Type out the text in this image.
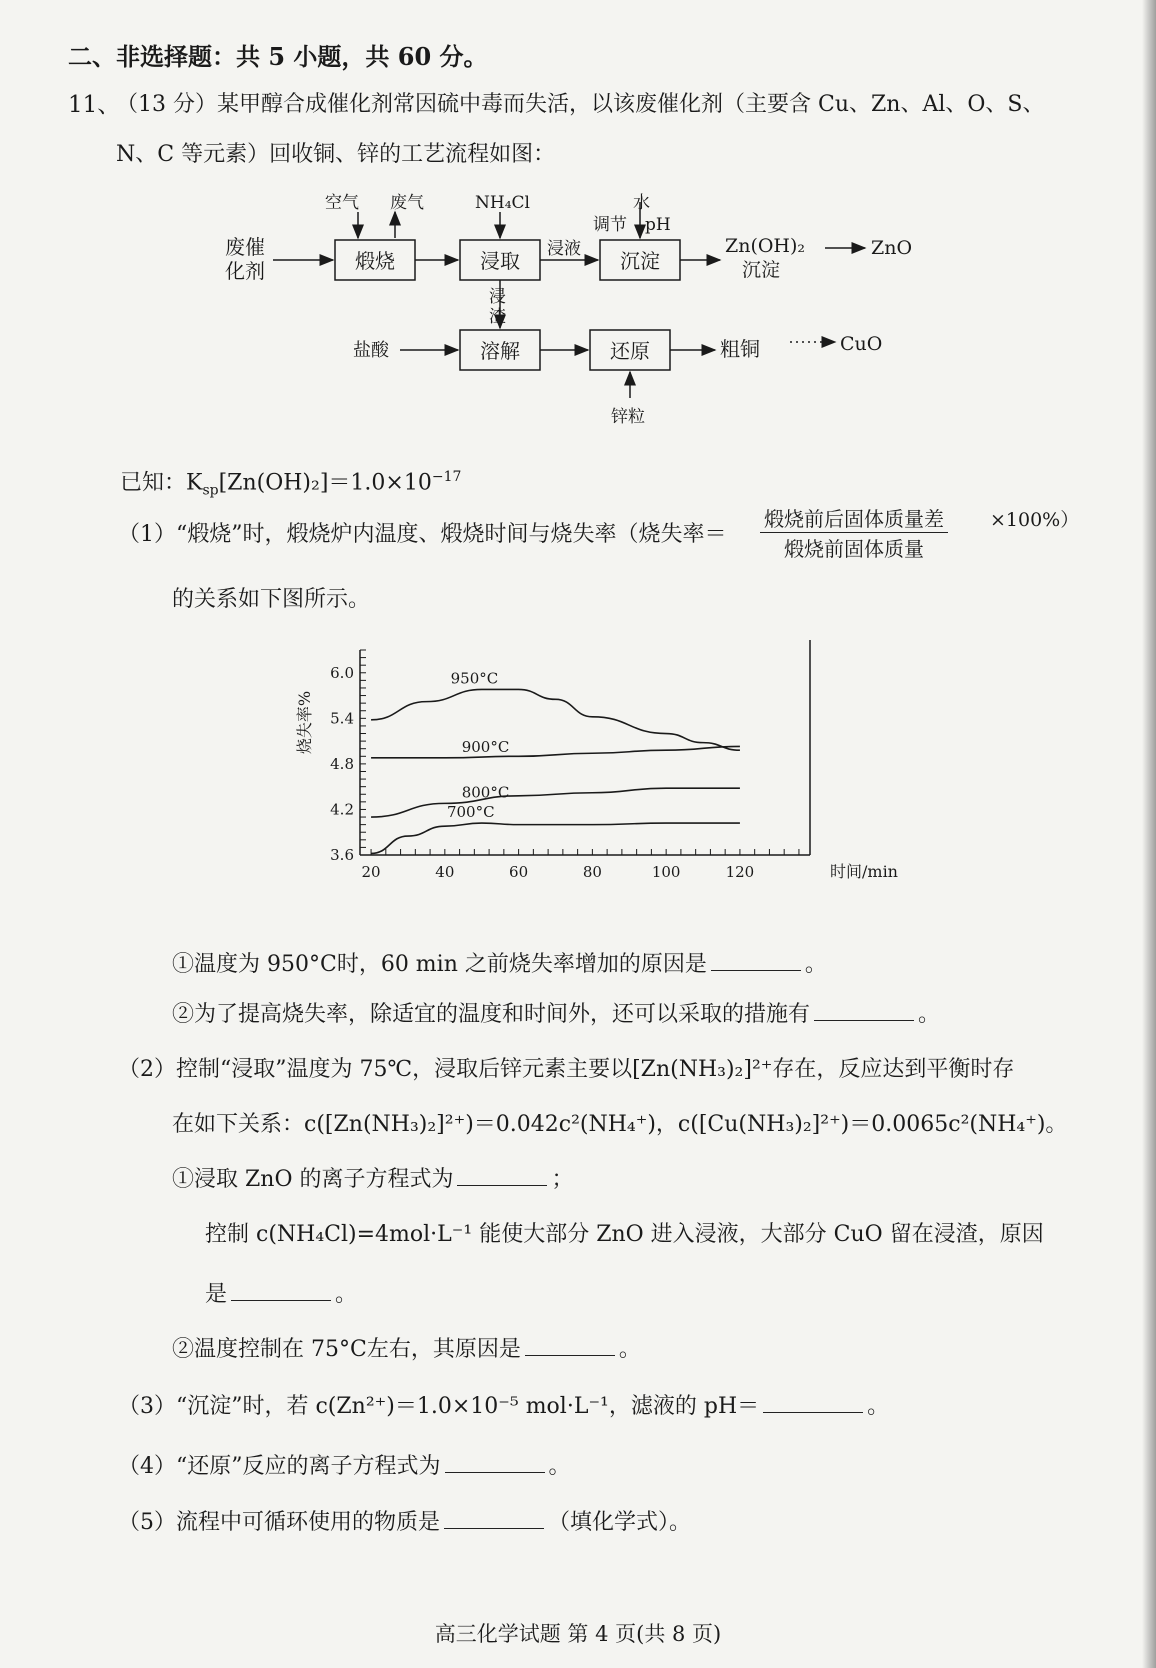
二、非选择题：共 5 小题，共 60 分。
11、
（13 分）某甲醇合成催化剂常因硫中毒而失活，以该废催化剂（主要含 Cu、Zn、Al、O、S、
N、C 等元素）回收铜、锌的工艺流程如图：
废催
化剂	煅烧	浸取	沉淀
溶解	还原
空气 废气	NH₄Cl
浸液
水
调节 pH
Zn(OH)₂
沉淀
ZnO
浸
渣
盐酸	粗铜	CuO
锌粒
已知：$K_{sp}[Zn(OH)_2]=1.0\times 10^{-17}$
（1）“煅烧”时，煅烧炉内温度、煅烧时间与烧失率（烧失率＝
煅烧前后固体质量差
煅烧前固体质量
×100%）
的关系如下图所示。
3.6
4.2
4.8
5.4
6.0
20	40	60	80	100	120	时间/min
烧失率%
950°C
900°C
800°C
700°C
①温度为 950°C时，60 min 之前烧失率增加的原因是	。
②为了提高烧失率，除适宜的温度和时间外，还可以采取的措施有	。
（2）控制“浸取”温度为 75℃，浸取后锌元素主要以[Zn(NH₃)₂]²⁺存在，反应达到平衡时存
在如下关系：c([Zn(NH₃)₂]²⁺)＝0.042c²(NH₄⁺)，c([Cu(NH₃)₂]²⁺)＝0.0065c²(NH₄⁺)。
①浸取 ZnO 的离子方程式为	；
控制 c(NH₄Cl)=4mol·L⁻¹ 能使大部分 ZnO 进入浸液，大部分 CuO 留在浸渣，原因
是	。
②温度控制在 75°C左右，其原因是	。
（3）“沉淀”时，若 c(Zn²⁺)＝1.0×10⁻⁵ mol·L⁻¹，滤液的 pH＝	。
（4）“还原”反应的离子方程式为	。
（5）流程中可循环使用的物质是	（填化学式）。
高三化学试题 第 4 页(共 8 页)
